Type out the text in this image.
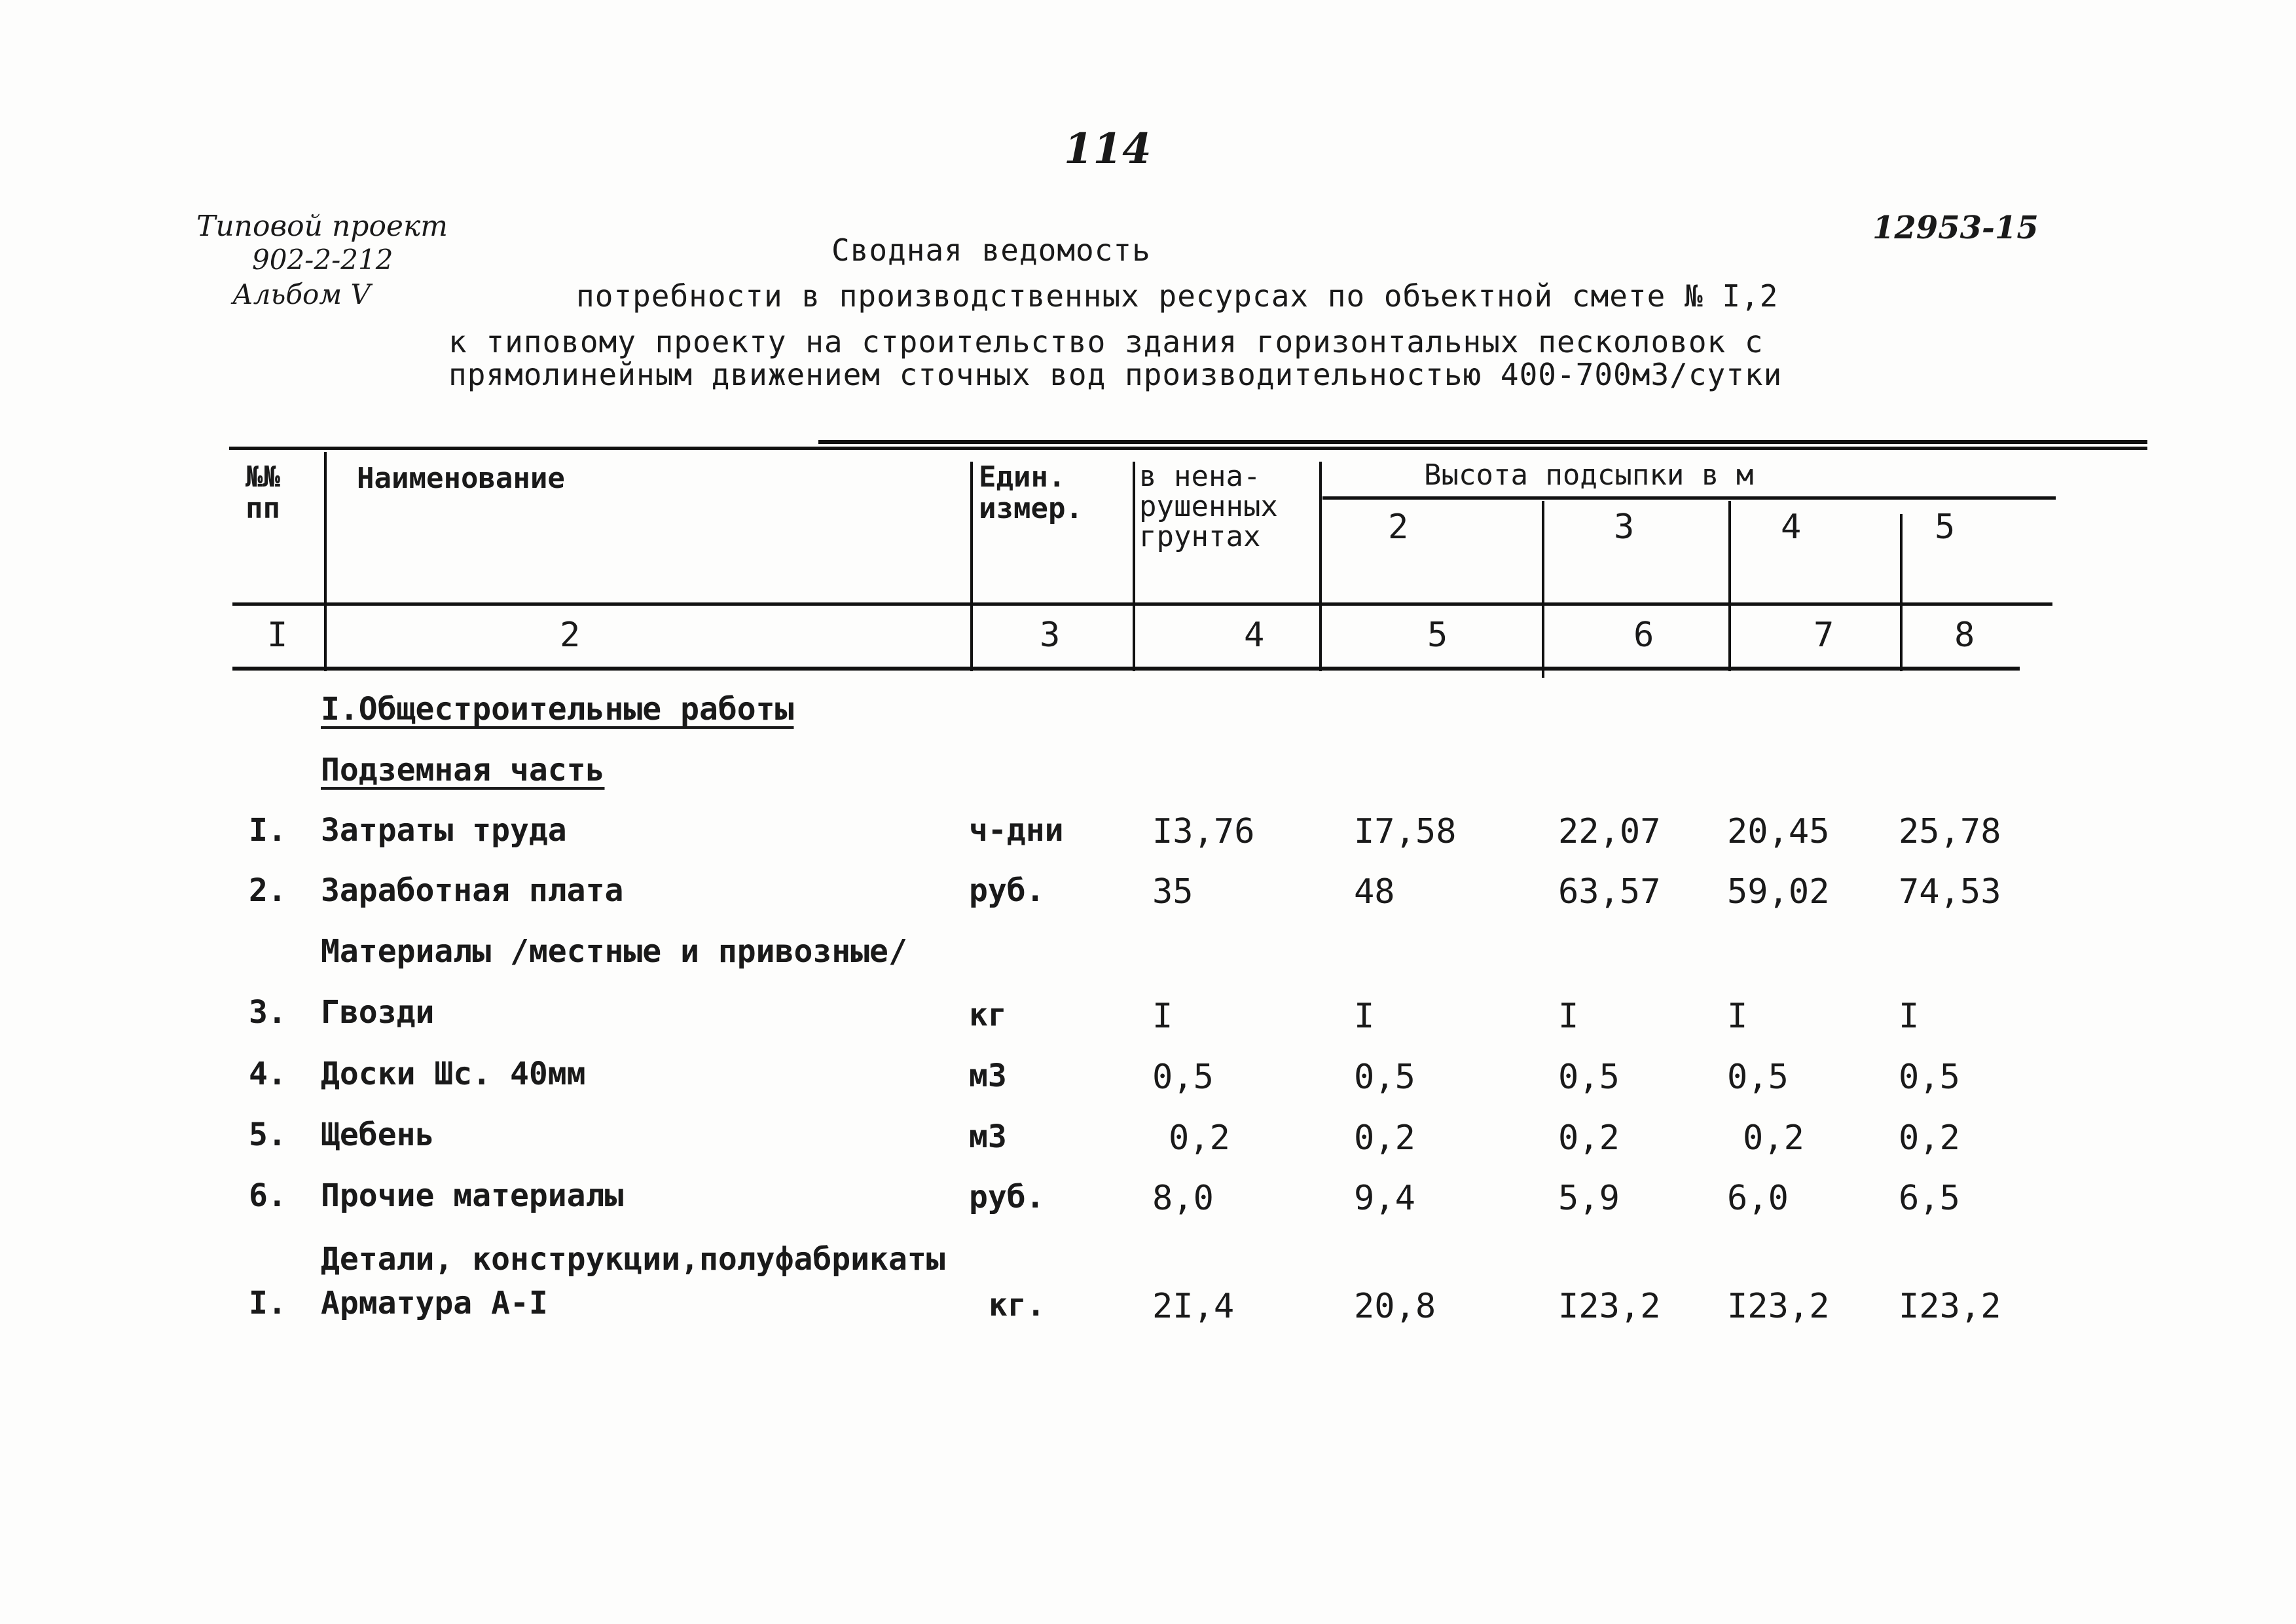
114
Типовой проект
902-2-212
Альбом V
12953-15
Сводная ведомость
потребности в производственных ресурсах по объектной смете № I,2
к типовому проекту на строительство здания горизонтальных песколовок с
прямолинейным движением сточных вод производительностью 400-700м3/сутки
№№ пп
Наименование	Един. измер.
в нена-рушенных грунтах
Высота подсыпки в м
2	3	4	5
I	2	3	4	5	6	7	8
I.Общестроительные работы
Подземная часть
I. Затраты труда	ч-дни	I3,76	I7,58	22,07 20,45 25,78
2. Заработная плата	руб.	35	48	63,57 59,02 74,53
Материалы /местные и привозные/
3. Гвозди	кг	I	I	I	I	I
4. Доски Шс. 40мм	м3	0,5	0,5	0,5	0,5	0,5
5. Щебень	м3	0,2	0,2	0,2	0,2	0,2
6. Прочие материалы	руб.	8,0	9,4	5,9	6,0	6,5
Детали, конструкции,полуфабрикаты
I. Арматура А-I	кг.	2I,4	20,8	I23,2 I23,2 I23,2
